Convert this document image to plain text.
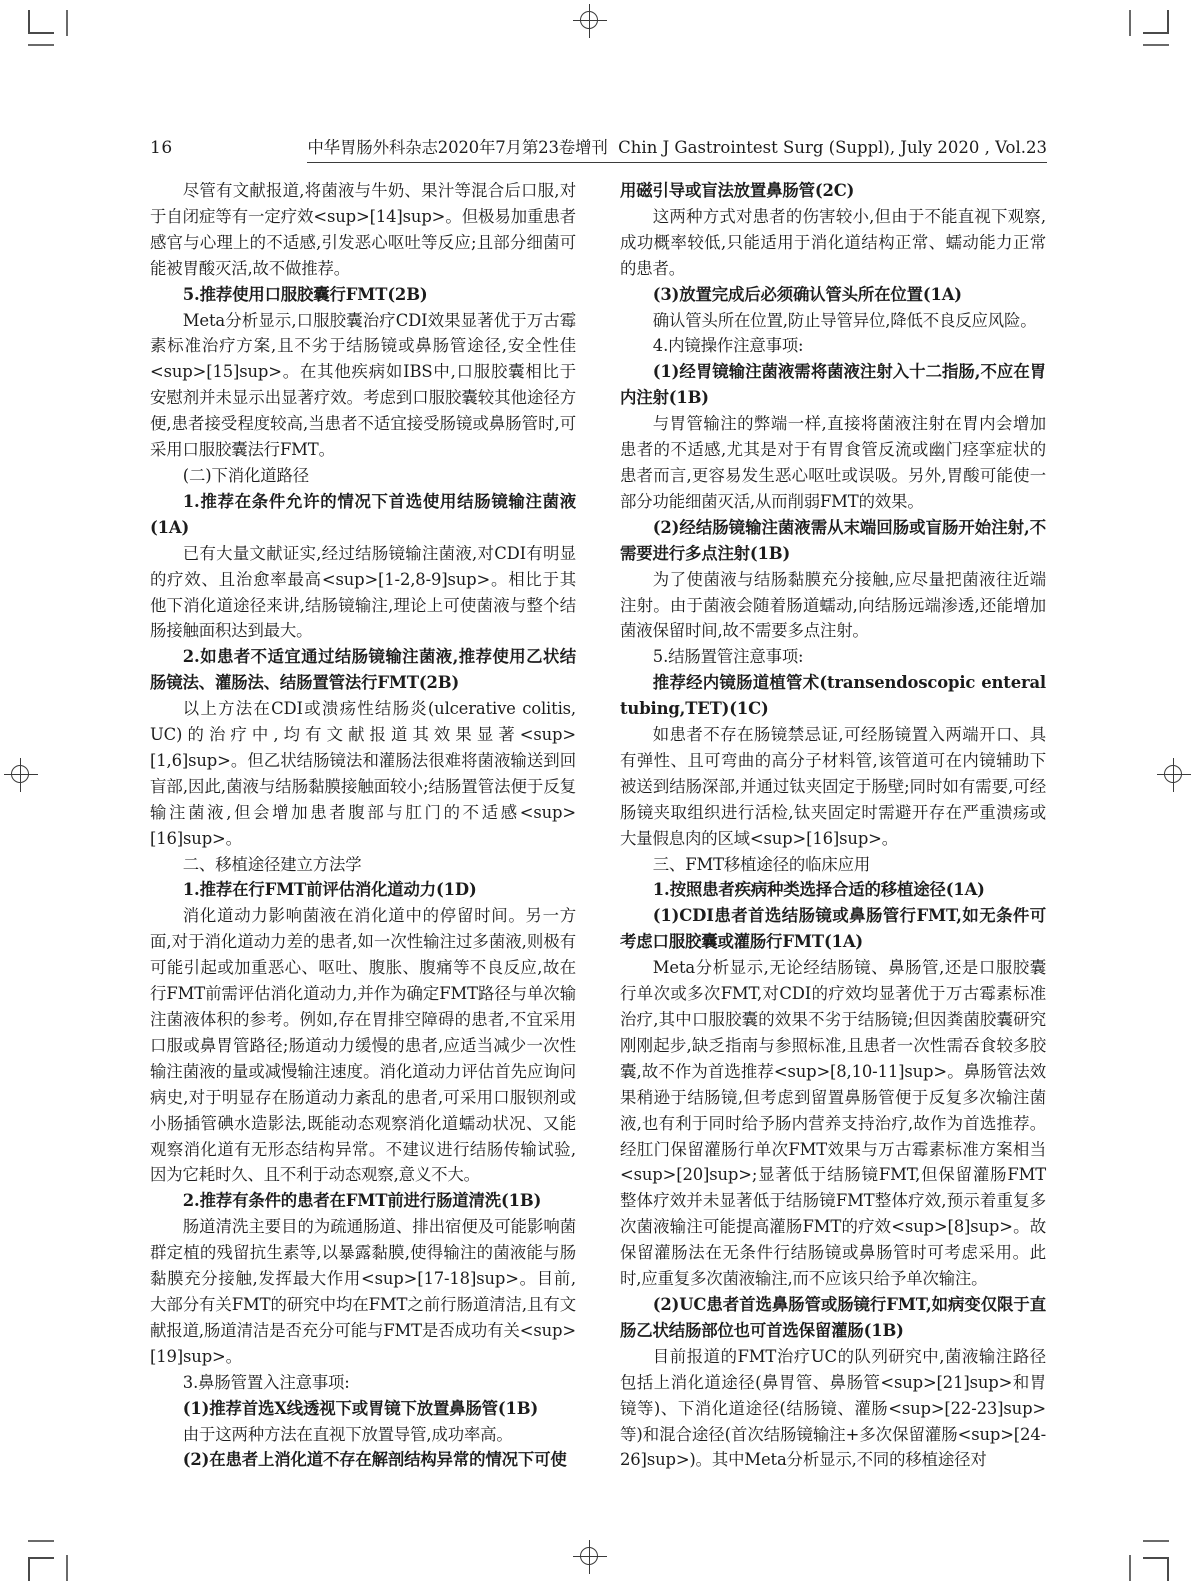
16	中华胃肠外科杂志2020年7月第23卷增刊 Chin J Gastrointest Surg (Suppl), July 2020 , Vol.23

尽管有文献报道,将菌液与牛奶、果汁等混合后口服,对于自闭症等有一定疗效<sup>[14]sup>。但极易加重患者感官与心理上的不适感,引发恶心呕吐等反应;且部分细菌可能被胃酸灭活,故不做推荐。

5.推荐使用口服胶囊行FMT(2B)

Meta分析显示,口服胶囊治疗CDI效果显著优于万古霉素标准治疗方案,且不劣于结肠镜或鼻肠管途径,安全性佳<sup>[15]sup>。在其他疾病如IBS中,口服胶囊相比于安慰剂并未显示出显著疗效。考虑到口服胶囊较其他途径方便,患者接受程度较高,当患者不适宜接受肠镜或鼻肠管时,可采用口服胶囊法行FMT。

(二)下消化道路径

1.推荐在条件允许的情况下首选使用结肠镜输注菌液(1A)

已有大量文献证实,经过结肠镜输注菌液,对CDI有明显的疗效、且治愈率最高<sup>[1-2,8-9]sup>。相比于其他下消化道途径来讲,结肠镜输注,理论上可使菌液与整个结肠接触面积达到最大。

2.如患者不适宜通过结肠镜输注菌液,推荐使用乙状结肠镜法、灌肠法、结肠置管法行FMT(2B)

以上方法在CDI或溃疡性结肠炎(ulcerative colitis, UC)的治疗中,均有文献报道其效果显著<sup>[1,6]sup>。但乙状结肠镜法和灌肠法很难将菌液输送到回盲部,因此,菌液与结肠黏膜接触面较小;结肠置管法便于反复输注菌液,但会增加患者腹部与肛门的不适感<sup>[16]sup>。

二、移植途径建立方法学

1.推荐在行FMT前评估消化道动力(1D)

消化道动力影响菌液在消化道中的停留时间。另一方面,对于消化道动力差的患者,如一次性输注过多菌液,则极有可能引起或加重恶心、呕吐、腹胀、腹痛等不良反应,故在行FMT前需评估消化道动力,并作为确定FMT路径与单次输注菌液体积的参考。例如,存在胃排空障碍的患者,不宜采用口服或鼻胃管路径;肠道动力缓慢的患者,应适当减少一次性输注菌液的量或减慢输注速度。消化道动力评估首先应询问病史,对于明显存在肠道动力紊乱的患者,可采用口服钡剂或小肠插管碘水造影法,既能动态观察消化道蠕动状况、又能观察消化道有无形态结构异常。不建议进行结肠传输试验,因为它耗时久、且不利于动态观察,意义不大。

2.推荐有条件的患者在FMT前进行肠道清洗(1B)

肠道清洗主要目的为疏通肠道、排出宿便及可能影响菌群定植的残留抗生素等,以暴露黏膜,使得输注的菌液能与肠黏膜充分接触,发挥最大作用<sup>[17-18]sup>。目前,大部分有关FMT的研究中均在FMT之前行肠道清洁,且有文献报道,肠道清洁是否充分可能与FMT是否成功有关<sup>[19]sup>。

3.鼻肠管置入注意事项:

(1)推荐首选X线透视下或胃镜下放置鼻肠管(1B)

由于这两种方法在直视下放置导管,成功率高。

(2)在患者上消化道不存在解剖结构异常的情况下可使

用磁引导或盲法放置鼻肠管(2C)

这两种方式对患者的伤害较小,但由于不能直视下观察,成功概率较低,只能适用于消化道结构正常、蠕动能力正常的患者。

(3)放置完成后必须确认管头所在位置(1A)

确认管头所在位置,防止导管异位,降低不良反应风险。

4.内镜操作注意事项:

(1)经胃镜输注菌液需将菌液注射入十二指肠,不应在胃内注射(1B)

与胃管输注的弊端一样,直接将菌液注射在胃内会增加患者的不适感,尤其是对于有胃食管反流或幽门痉挛症状的患者而言,更容易发生恶心呕吐或误吸。另外,胃酸可能使一部分功能细菌灭活,从而削弱FMT的效果。

(2)经结肠镜输注菌液需从末端回肠或盲肠开始注射,不需要进行多点注射(1B)

为了使菌液与结肠黏膜充分接触,应尽量把菌液往近端注射。由于菌液会随着肠道蠕动,向结肠远端渗透,还能增加菌液保留时间,故不需要多点注射。

5.结肠置管注意事项:

推荐经内镜肠道植管术(transendoscopic enteral tubing,TET)(1C)

如患者不存在肠镜禁忌证,可经肠镜置入两端开口、具有弹性、且可弯曲的高分子材料管,该管道可在内镜辅助下被送到结肠深部,并通过钛夹固定于肠壁;同时如有需要,可经肠镜夹取组织进行活检,钛夹固定时需避开存在严重溃疡或大量假息肉的区域<sup>[16]sup>。

三、FMT移植途径的临床应用

1.按照患者疾病种类选择合适的移植途径(1A)

(1)CDI患者首选结肠镜或鼻肠管行FMT,如无条件可考虑口服胶囊或灌肠行FMT(1A)

Meta分析显示,无论经结肠镜、鼻肠管,还是口服胶囊行单次或多次FMT,对CDI的疗效均显著优于万古霉素标准治疗,其中口服胶囊的效果不劣于结肠镜;但因粪菌胶囊研究刚刚起步,缺乏指南与参照标准,且患者一次性需吞食较多胶囊,故不作为首选推荐<sup>[8,10-11]sup>。鼻肠管法效果稍逊于结肠镜,但考虑到留置鼻肠管便于反复多次输注菌液,也有利于同时给予肠内营养支持治疗,故作为首选推荐。经肛门保留灌肠行单次FMT效果与万古霉素标准方案相当<sup>[20]sup>;显著低于结肠镜FMT,但保留灌肠FMT整体疗效并未显著低于结肠镜FMT整体疗效,预示着重复多次菌液输注可能提高灌肠FMT的疗效<sup>[8]sup>。故保留灌肠法在无条件行结肠镜或鼻肠管时可考虑采用。此时,应重复多次菌液输注,而不应该只给予单次输注。

(2)UC患者首选鼻肠管或肠镜行FMT,如病变仅限于直肠乙状结肠部位也可首选保留灌肠(1B)

目前报道的FMT治疗UC的队列研究中,菌液输注路径包括上消化道途径(鼻胃管、鼻肠管<sup>[21]sup>和胃镜等)、下消化道途径(结肠镜、灌肠<sup>[22-23]sup>等)和混合途径(首次结肠镜输注+多次保留灌肠<sup>[24-26]sup>)。其中Meta分析显示,不同的移植途径对
